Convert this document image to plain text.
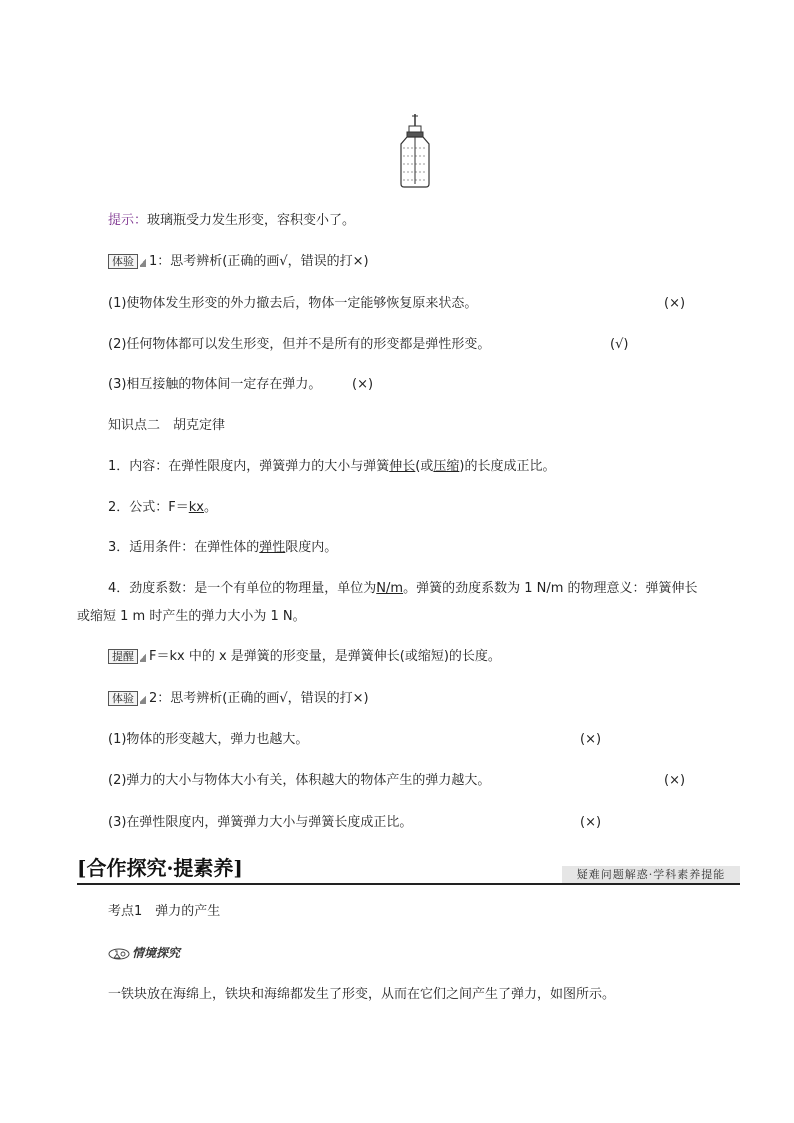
提示：玻璃瓶受力发生形变，容积变小了。
体验 1：思考辨析(正确的画√，错误的打×)
(1)使物体发生形变的外力撤去后，物体一定能够恢复原来状态。	(×)
(2)任何物体都可以发生形变，但并不是所有的形变都是弹性形变。	(√)
(3)相互接触的物体间一定存在弹力。 (×)
知识点二　胡克定律
1．内容：在弹性限度内，弹簧弹力的大小与弹簧伸长(或压缩)的长度成正比。
2．公式：F＝kx。
3．适用条件：在弹性体的弹性限度内。
4．劲度系数：是一个有单位的物理量，单位为N/m。弹簧的劲度系数为 1 N/m 的物理意义：弹簧伸长
或缩短 1 m 时产生的弹力大小为 1 N。
提醒 F＝kx 中的 x 是弹簧的形变量，是弹簧伸长(或缩短)的长度。
体验 2：思考辨析(正确的画√，错误的打×)
(1)物体的形变越大，弹力也越大。	(×)
(2)弹力的大小与物体大小有关，体积越大的物体产生的弹力越大。	(×)
(3)在弹性限度内，弹簧弹力大小与弹簧长度成正比。	(×)
[合作探究·提素养]	疑难问题解惑·学科素养提能
考点1　弹力的产生
情境探究
一铁块放在海绵上，铁块和海绵都发生了形变，从而在它们之间产生了弹力，如图所示。
